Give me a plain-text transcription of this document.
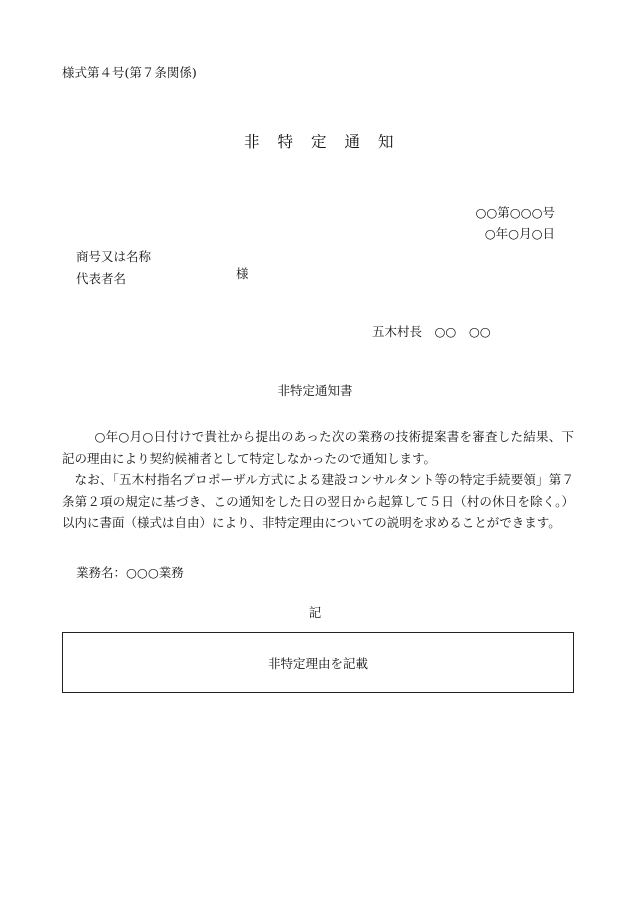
様式第４号(第７条関係)
非特定通知
○○第○○○号
○年○月○日
商号又は名称
代表者名	様
五木村長　○○　○○
非特定通知書

○年○月○日付けで貴社から提出のあった次の業務の技術提案書を審査した結果、下記の理由により契約候補者として特定しなかったので通知します。

なお、「五木村指名プロポーザル方式による建設コンサルタント等の特定手続要領」第７条第２項の規定に基づき、この通知をした日の翌日から起算して５日（村の休日を除く。）以内に書面（様式は自由）により、非特定理由についての説明を求めることができます。

業務名：○○○業務
記
非特定理由を記載
